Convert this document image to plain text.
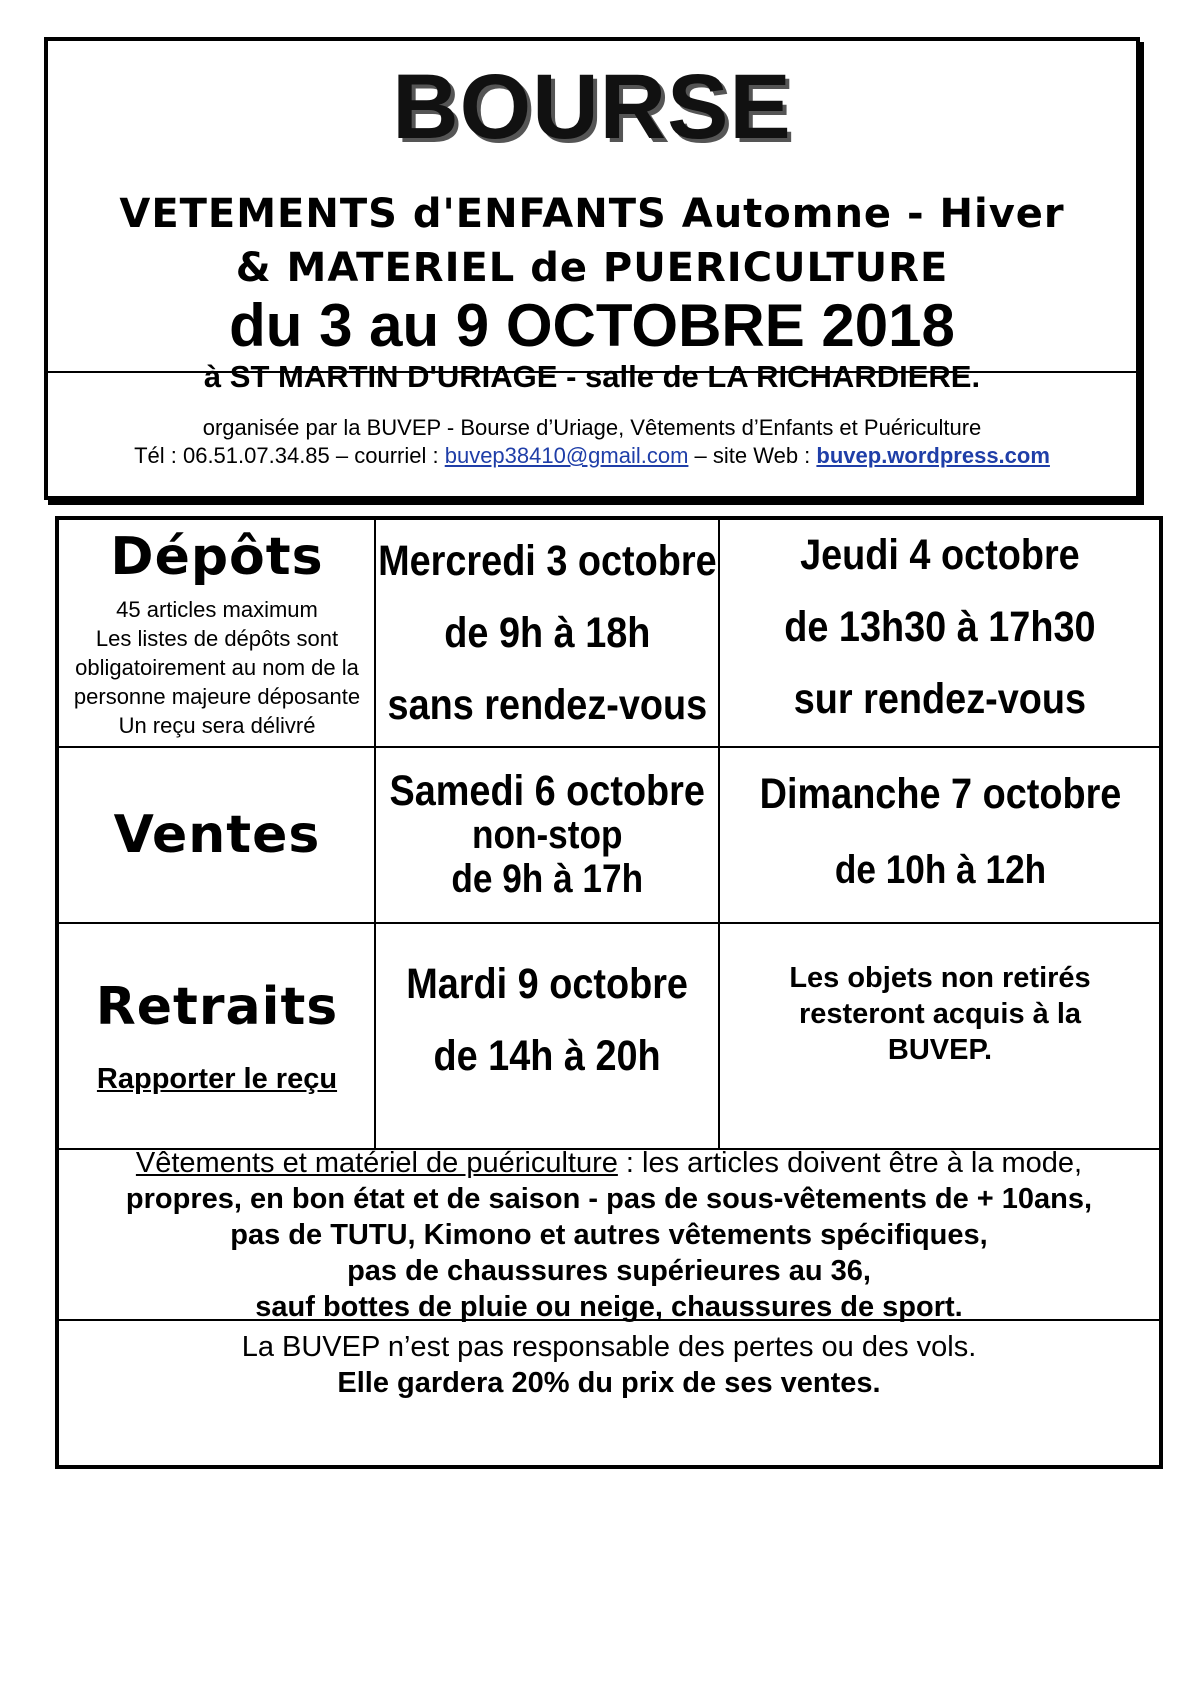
BOURSE
VETEMENTS d'ENFANTS Automne - Hiver
& MATERIEL de PUERICULTURE
du 3 au 9 OCTOBRE 2018
à ST MARTIN D'URIAGE - salle de LA RICHARDIERE.
organisée par la BUVEP - Bourse d’Uriage, Vêtements d’Enfants et Puériculture
Tél : 06.51.07.34.85 – courriel : buvep38410@gmail.com – site Web : buvep.wordpress.com
Dépôts
45 articles maximum
Les listes de dépôts sont
obligatoirement au nom de la
personne majeure déposante
Un reçu sera délivré
Mercredi 3 octobre
de 9h à 18h
sans rendez-vous
Jeudi 4 octobre
de 13h30 à 17h30
sur rendez-vous
Ventes
Samedi 6 octobre
non-stop
de 9h à 17h
Dimanche 7 octobre
de 10h à 12h
Retraits
Rapporter le reçu
Mardi 9 octobre
de 14h à 20h
Les objets non retirés
resteront acquis à la
BUVEP.
Vêtements et matériel de puériculture : les articles doivent être à la mode,
propres, en bon état et de saison - pas de sous-vêtements de + 10ans,
pas de TUTU, Kimono et autres vêtements spécifiques,
pas de chaussures supérieures au 36,
sauf bottes de pluie ou neige, chaussures de sport.
La BUVEP n’est pas responsable des pertes ou des vols.
Elle gardera 20% du prix de ses ventes.
